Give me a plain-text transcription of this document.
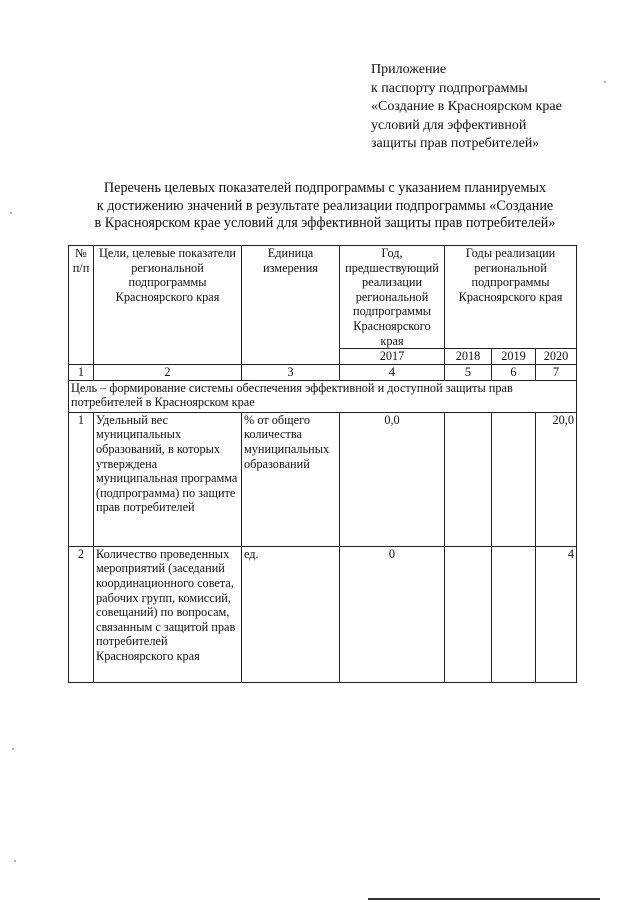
Приложение
к паспорту подпрограммы
«Создание в Красноярском крае
условий для эффективной
защиты прав потребителей»
Перечень целевых показателей подпрограммы с указанием планируемых
к достижению значений в результате реализации подпрограммы «Создание
в Красноярском крае условий для эффективной защиты прав потребителей»
№ п/п	Цели, целевые показатели региональной подпрограммы Красноярского края	Единица измерения	Год, предшествующий реализации региональной подпрограммы Красноярского края	Годы реализации региональной подпрограммы Красноярского края		
			2017	2018	2019	2020
1	2	3	4	5	6	7
Цель – формирование системы обеспечения эффективной и доступной защиты прав потребителей в Красноярском крае						
1	Удельный вес муниципальных образований, в которых утверждена муниципальная программа (подпрограмма) по защите прав потребителей	% от общего количества муниципальных образований	0,0			20,0
2	Количество проведенных мероприятий (заседаний координационного совета, рабочих групп, комиссий, совещаний) по вопросам, связанным с защитой прав потребителей Красноярского края	ед.	0			4
